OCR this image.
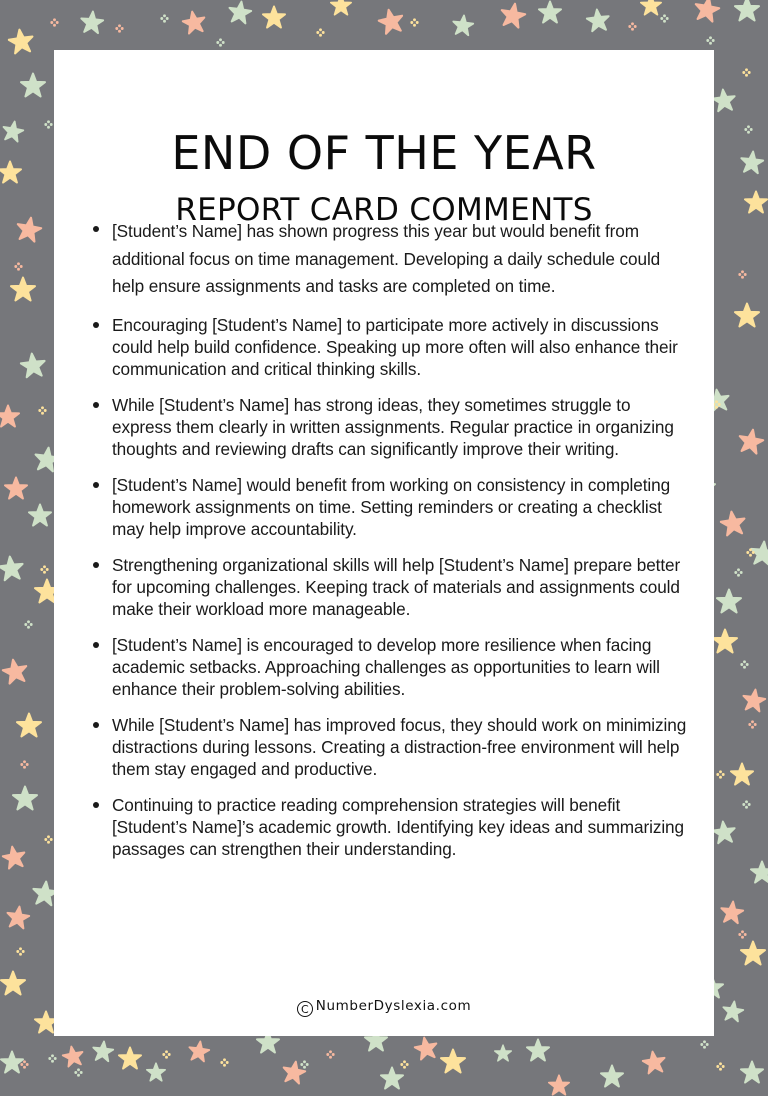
END OF THE YEAR
REPORT CARD COMMENTS
[Student’s Name] has shown progress this year but would benefit from additional focus on time management. Developing a daily schedule could help ensure assignments and tasks are completed on time.
Encouraging [Student’s Name] to participate more actively in discussions could help build confidence. Speaking up more often will also enhance their communication and critical thinking skills.
While [Student’s Name] has strong ideas, they sometimes struggle to express them clearly in written assignments. Regular practice in organizing thoughts and reviewing drafts can significantly improve their writing.
[Student’s Name] would benefit from working on consistency in completing homework assignments on time. Setting reminders or creating a checklist may help improve accountability.
Strengthening organizational skills will help [Student’s Name] prepare better for upcoming challenges. Keeping track of materials and assignments could make their workload more manageable.
[Student’s Name] is encouraged to develop more resilience when facing academic setbacks. Approaching challenges as opportunities to learn will enhance their problem-solving abilities.
While [Student’s Name] has improved focus, they should work on minimizing distractions during lessons. Creating a distraction-free environment will help them stay engaged and productive.
Continuing to practice reading comprehension strategies will benefit [Student’s Name]’s academic growth. Identifying key ideas and summarizing passages can strengthen their understanding.
C NumberDyslexia.com
